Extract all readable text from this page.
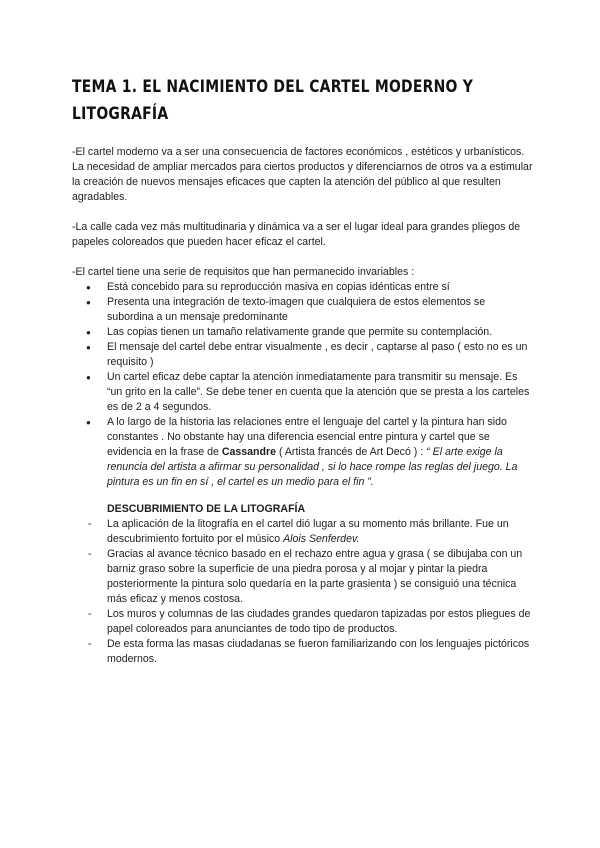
TEMA 1. EL NACIMIENTO DEL CARTEL MODERNO Y LITOGRAFÍA

-El cartel moderno va a ser una consecuencia de factores económicos , estéticos y urbanísticos.

La necesidad de ampliar mercados para ciertos productos y diferenciarnos de otros va a estimular la creación de nuevos mensajes eficaces que capten la atención del público al que resulten agradables.

-La calle cada vez más multitudinaria y dinámica va a ser el lugar ideal para grandes pliegos de papeles coloreados que pueden hacer eficaz el cartel.

-El cartel tiene una serie de requisitos que han permanecido invariables :

● Está concebido para su reproducción masiva en copias idénticas entre sí
● Presenta una integración de texto-imagen que cualquiera de estos elementos se subordina a un mensaje predominante
● Las copias tienen un tamaño relativamente grande que permite su contemplación.
● El mensaje del cartel debe entrar visualmente , es decir , captarse al paso ( esto no es un requisito )
● Un cartel eficaz debe captar la atención inmediatamente para transmitir su mensaje. Es “un grito en la calle”. Se debe tener en cuenta que la atención que se presta a los carteles es de 2 a 4 segundos.
● A lo largo de la historia las relaciones entre el lenguaje del cartel y la pintura han sido constantes . No obstante hay una diferencia esencial entre pintura y cartel que se evidencia en la frase de Cassandre ( Artista francés de Art Decó ) : “ El arte exige la renuncia del artista a afirmar su personalidad , si lo hace rompe las reglas del juego. La pintura es un fin en sí , el cartel es un medio para el fin ”.

DESCUBRIMIENTO DE LA LITOGRAFÍA

- La aplicación de la litografía en el cartel dió lugar a su momento más brillante. Fue un descubrimiento fortuito por el músico Alois Senferdev.
- Gracias al avance técnico basado en el rechazo entre agua y grasa ( se dibujaba con un barniz graso sobre la superficie de una piedra porosa y al mojar y pintar la piedra posteriormente la pintura solo quedaría en la parte grasienta ) se consiguió una técnica más eficaz y menos costosa.
- Los muros y columnas de las ciudades grandes quedaron tapizadas por estos pliegues de papel coloreados para anunciantes de todo tipo de productos.
- De esta forma las masas ciudadanas se fueron familiarizando con los lenguajes pictóricos modernos.
